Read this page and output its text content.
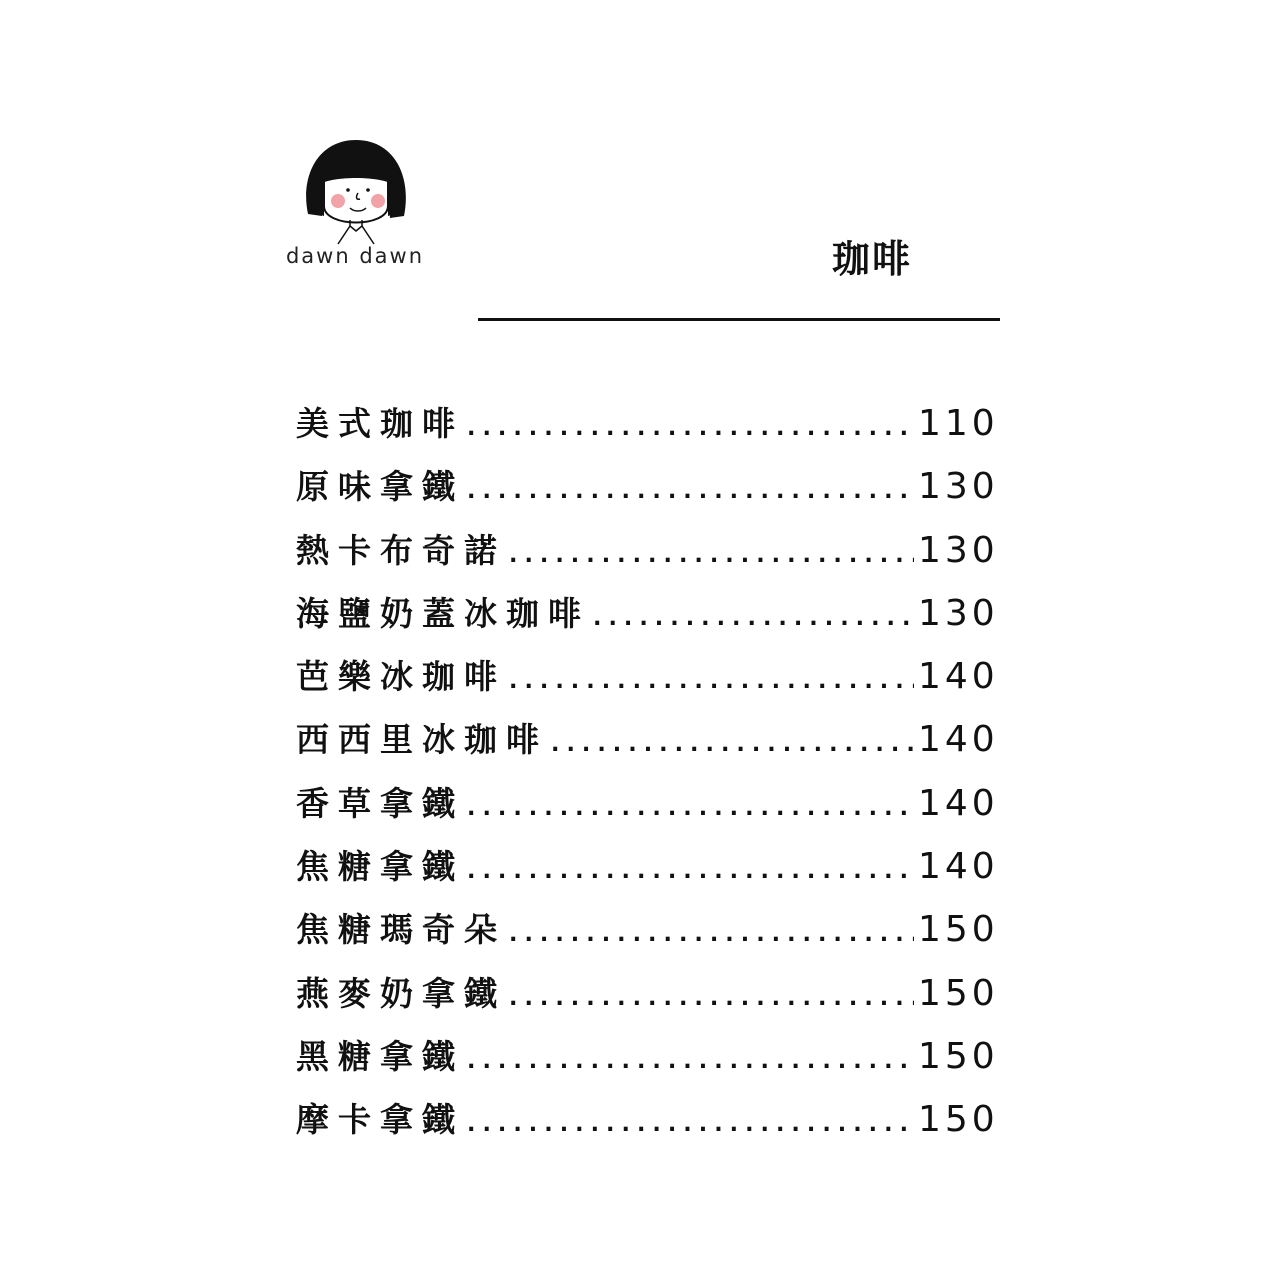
dawn dawn	珈啡
美式珈啡 .....	110
原味拿鐵 .....	130
熱卡布奇諾 .....	130
海鹽奶蓋冰珈啡 .....	130
芭樂冰珈啡 .....	140
西西里冰珈啡 .....	140
香草拿鐵 .....	140
焦糖拿鐵 .....	140
焦糖瑪奇朵 .....	150
燕麥奶拿鐵 .....	150
黑糖拿鐵 .....	150
摩卡拿鐵 .....	150
